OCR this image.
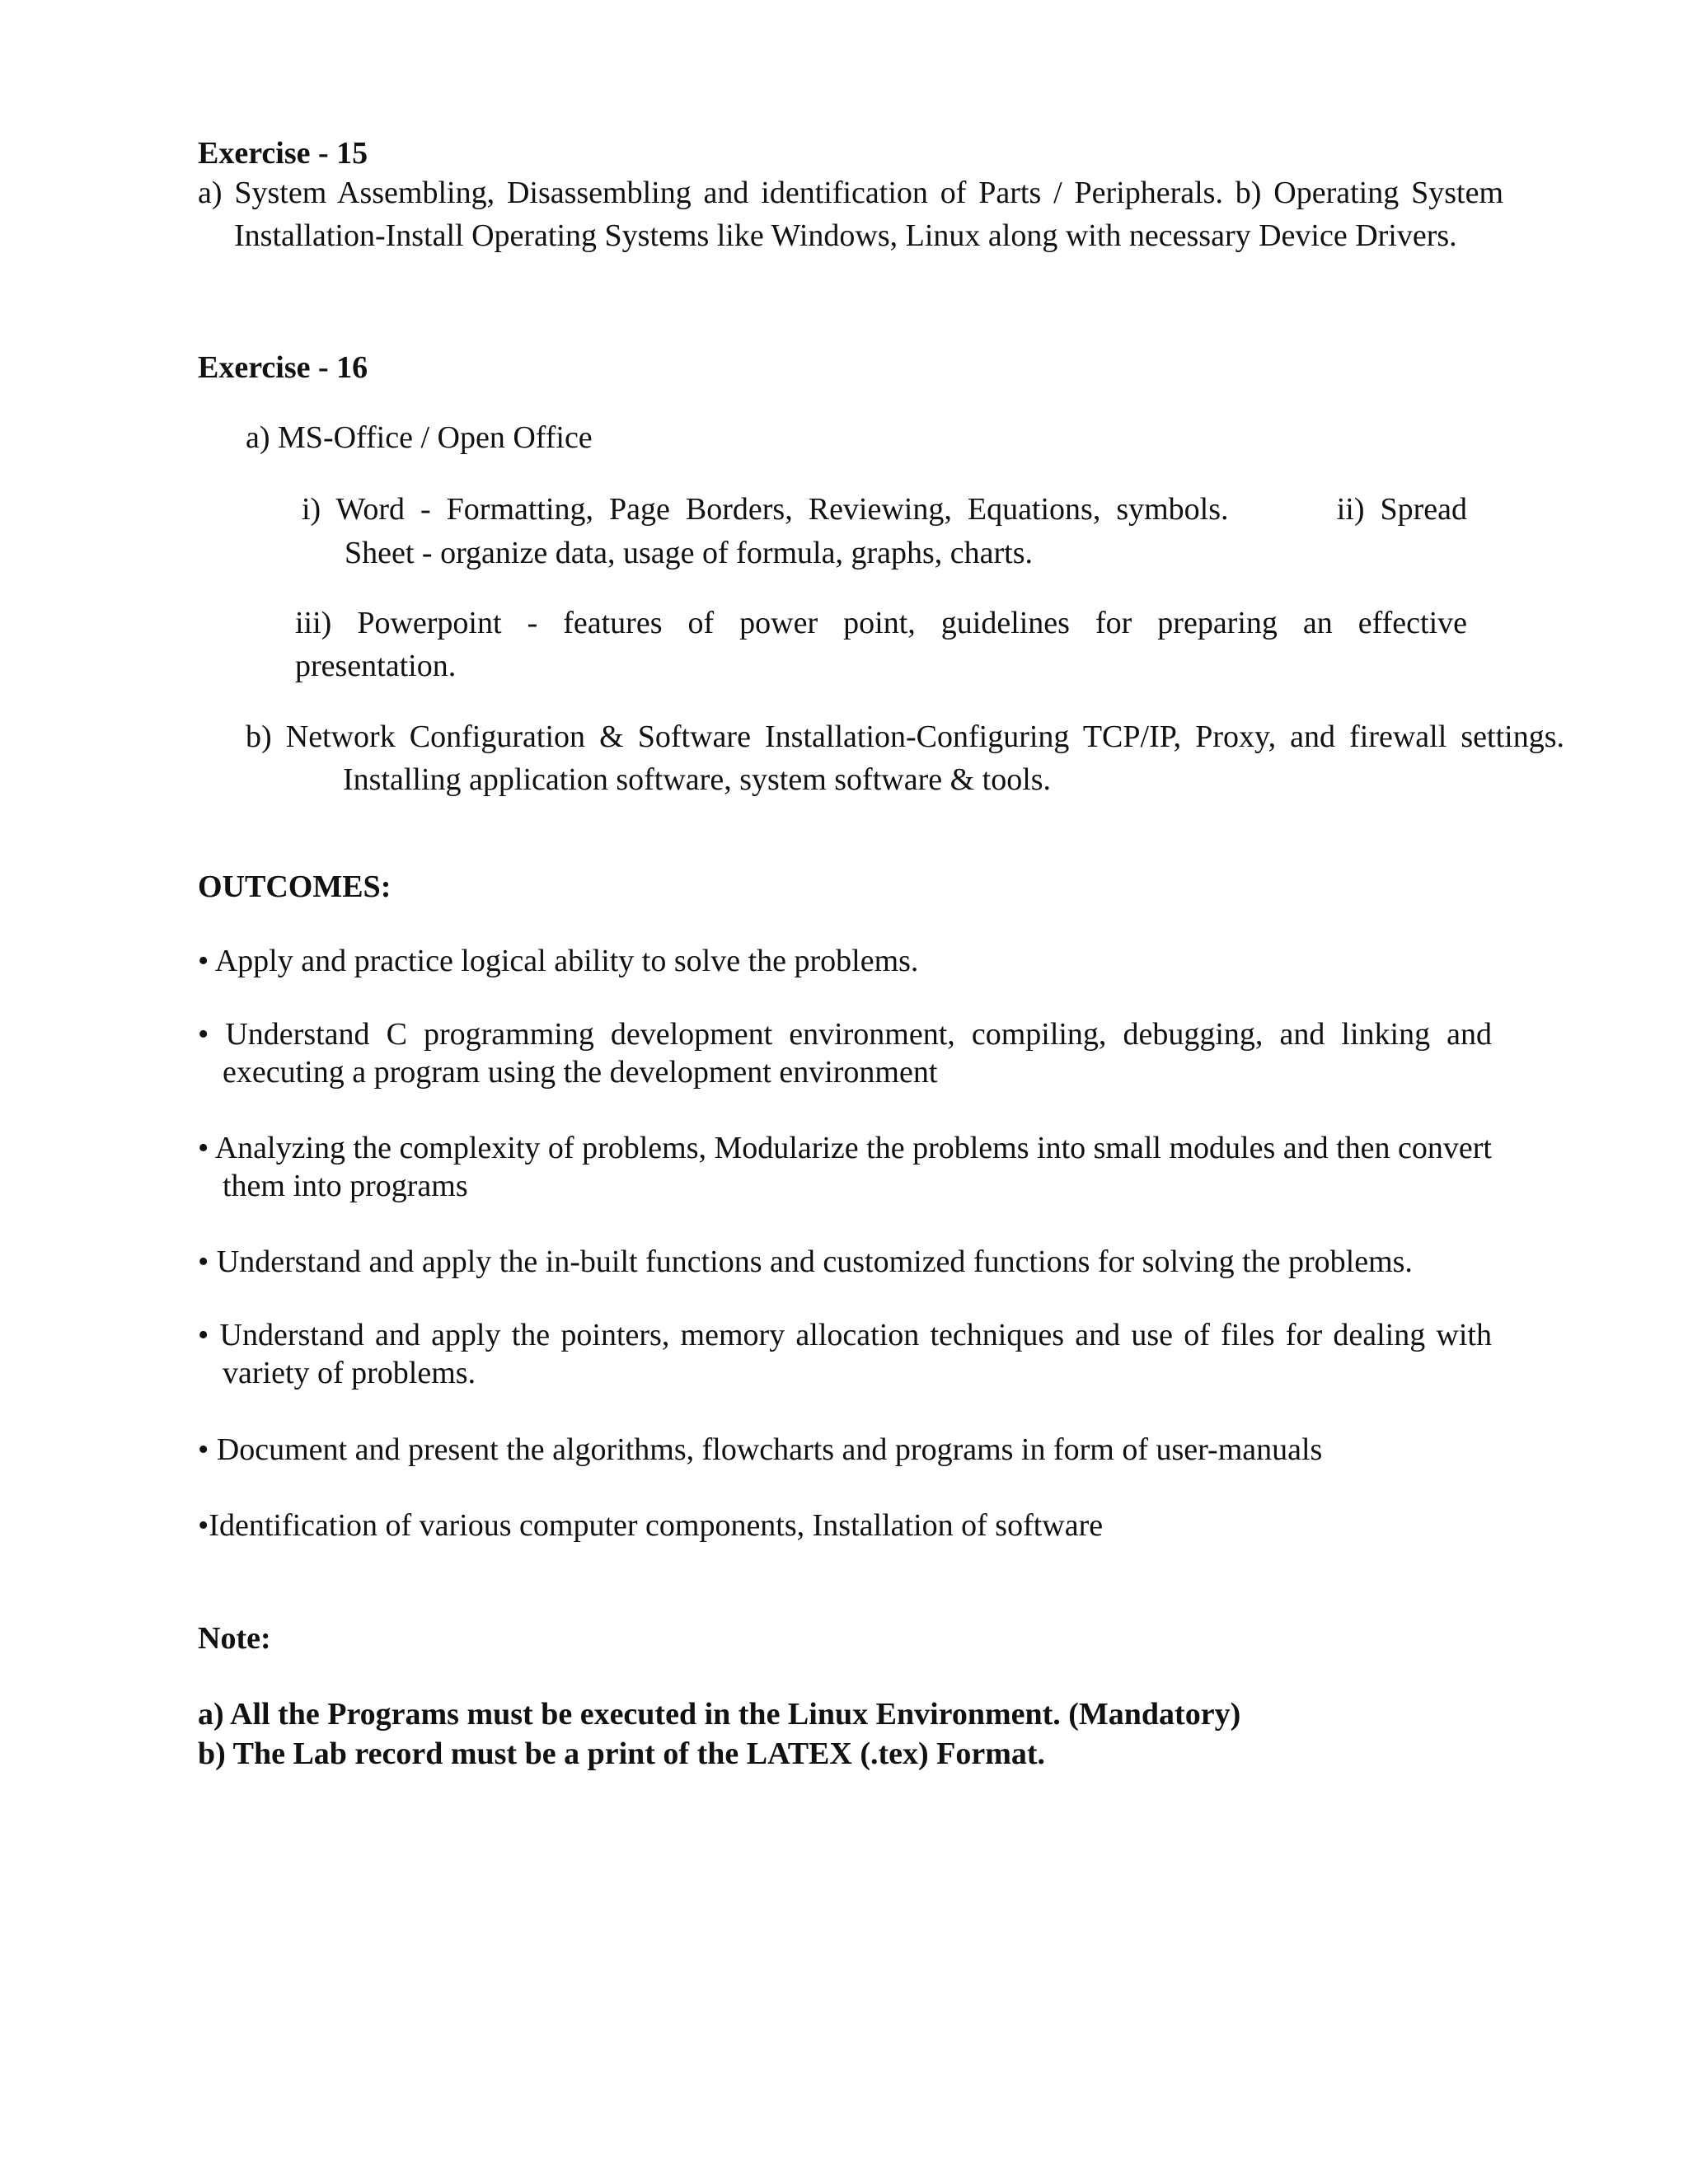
Exercise - 15
a) System Assembling, Disassembling and identification of Parts / Peripherals. b) Operating System Installation-Install Operating Systems like Windows, Linux along with necessary Device Drivers.
Exercise - 16
a) MS-Office / Open Office
i)  Word  -  Formatting,  Page  Borders,  Reviewing,  Equations,  symbols.	ii)  Spread
Sheet - organize data, usage of formula, graphs, charts.
iii)  Powerpoint  -  features  of  power  point,  guidelines  for  preparing  an  effective presentation.
b) Network Configuration & Software Installation-Configuring TCP/IP, Proxy, and firewall settings. Installing application software, system software & tools.
OUTCOMES:
• Apply and practice logical ability to solve the problems.
• Understand C programming development environment, compiling, debugging, and linking and executing a program using the development environment
• Analyzing the complexity of problems, Modularize the problems into small modules and then convert them into programs
• Understand and apply the in-built functions and customized functions for solving the problems.
• Understand and apply the pointers, memory allocation techniques and use of files for dealing with variety of problems.
• Document and present the algorithms, flowcharts and programs in form of user-manuals
•Identification of various computer components, Installation of software
Note:

a) All the Programs must be executed in the Linux Environment. (Mandatory)

b) The Lab record must be a print of the LATEX (.tex) Format.
